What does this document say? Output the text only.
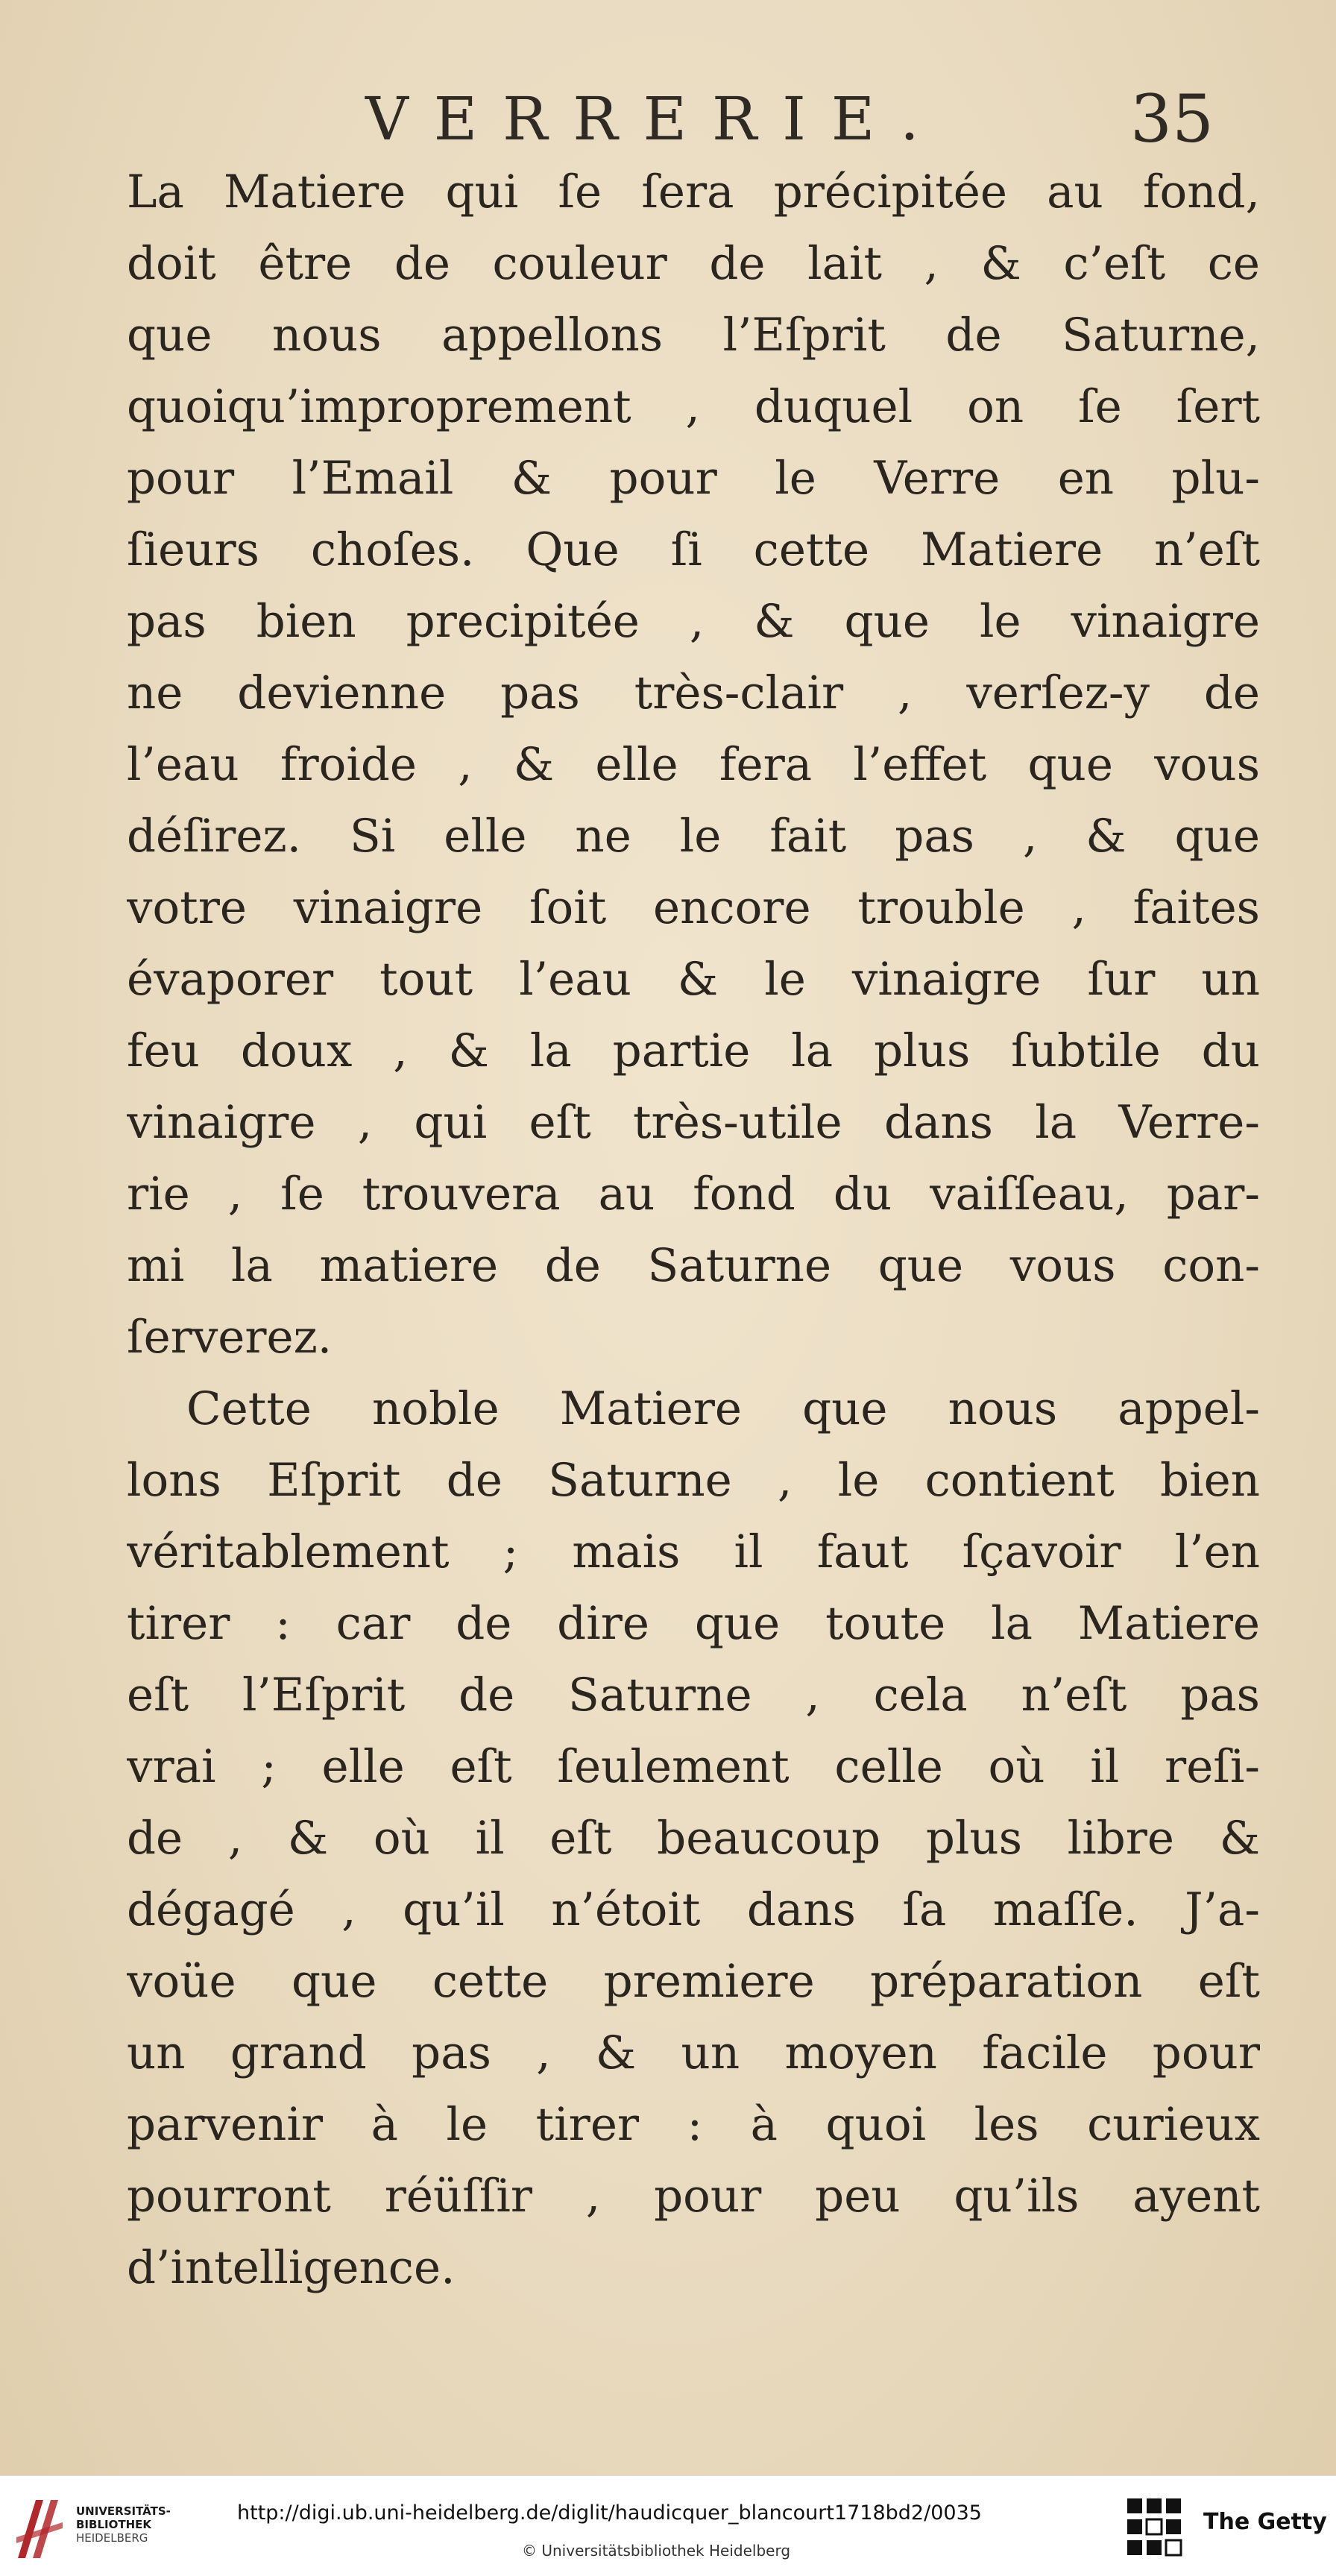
VERRERIE.	35
La Matiere qui ſe ſera précipitée au fond,
doit être de couleur de lait , & c’eſt ce
que nous appellons l’Eſprit de Saturne,
quoiqu’improprement , duquel on ſe ſert
pour l’Email & pour le Verre en plu-
ſieurs choſes. Que ſi cette Matiere n’eſt
pas bien precipitée , & que le vinaigre
ne devienne pas très-clair , verſez-y de
l’eau froide , & elle fera l’effet que vous
déſirez. Si elle ne le fait pas , & que
votre vinaigre ſoit encore trouble , faites
évaporer tout l’eau & le vinaigre ſur un
feu doux , & la partie la plus ſubtile du
vinaigre , qui eſt très-utile dans la Verre-
rie , ſe trouvera au fond du vaiſſeau, par-
mi la matiere de Saturne que vous con-
ſerverez.
Cette noble Matiere que nous appel-
lons Eſprit de Saturne , le contient bien
véritablement ; mais il faut ſçavoir l’en
tirer : car de dire que toute la Matiere
eſt l’Eſprit de Saturne , cela n’eſt pas
vrai ; elle eſt ſeulement celle où il reſi-
de , & où il eſt beaucoup plus libre &
dégagé , qu’il n’étoit dans ſa maſſe. J’a-
voüe que cette premiere préparation eſt
un grand pas , & un moyen facile pour
parvenir à le tirer : à quoi les curieux
pourront réüſſir , pour peu qu’ils ayent
d’intelligence.
UNIVERSITÄTS-
BIBLIOTHEK
HEIDELBERG
http://digi.ub.uni-heidelberg.de/diglit/haudicquer_blancourt1718bd2/0035
© Universitätsbibliothek Heidelberg
The Getty
